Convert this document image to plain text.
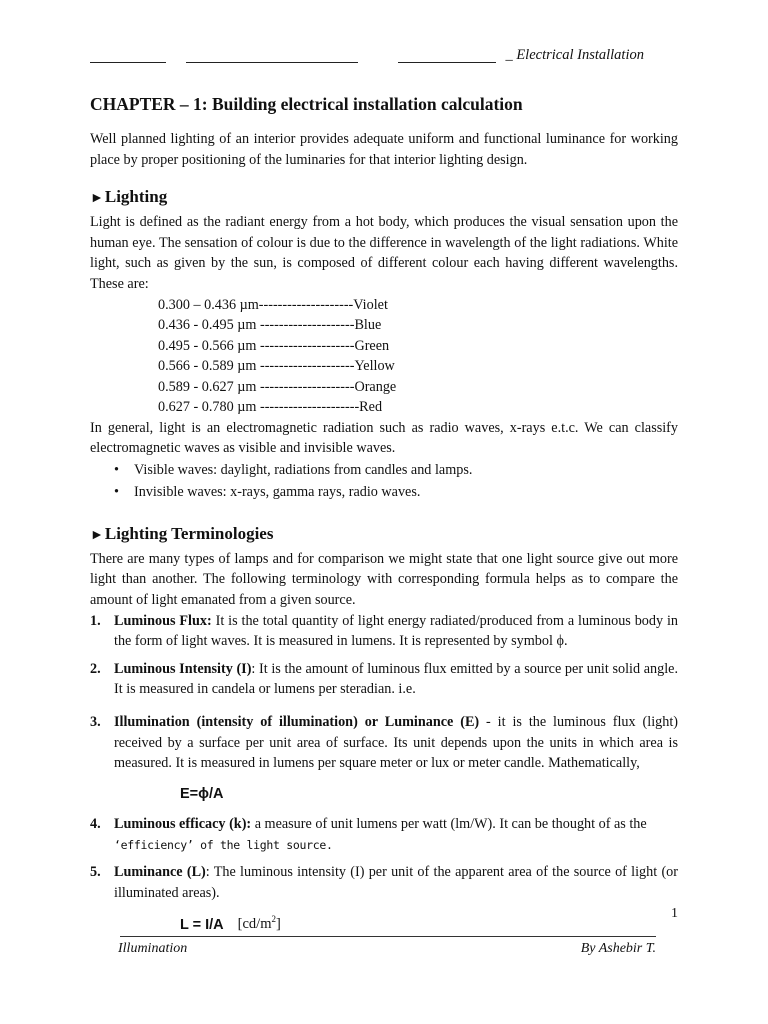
_ Electrical Installation
CHAPTER – 1: Building electrical installation calculation

Well planned lighting of an interior provides adequate uniform and functional luminance for working place by proper positioning of the luminaries for that interior lighting design.

►Lighting

Light is defined as the radiant energy from a hot body, which produces the visual sensation upon the human eye. The sensation of colour is due to the difference in wavelength of the light radiations. White light, such as given by the sun, is composed of different colour each having different wavelengths. These are:

0.300 – 0.436 µm--------------------Violet
0.436 - 0.495 µm --------------------Blue
0.495 - 0.566 µm --------------------Green
0.566 - 0.589 µm --------------------Yellow
0.589 - 0.627 µm --------------------Orange
0.627 - 0.780 µm ---------------------Red

In general, light is an electromagnetic radiation such as radio waves, x-rays e.t.c. We can classify electromagnetic waves as visible and invisible waves.

• Visible waves: daylight, radiations from candles and lamps.
• Invisible waves: x-rays, gamma rays, radio waves.
►Lighting Terminologies

There are many types of lamps and for comparison we might state that one light source give out more light than another. The following terminology with corresponding formula helps as to compare the amount of light emanated from a given source.

1. Luminous Flux: It is the total quantity of light energy radiated/produced from a luminous body in the form of light waves. It is measured in lumens. It is represented by symbol ϕ.
2. Luminous Intensity (I): It is the amount of luminous flux emitted by a source per unit solid angle. It is measured in candela or lumens per steradian. i.e.
3. Illumination (intensity of illumination) or Luminance (E) - it is the luminous flux (light) received by a surface per unit area of surface. Its unit depends upon the units in which area is measured. It is measured in lumens per square meter or lux or meter candle. Mathematically,
E=ϕ/A
4. Luminous efficacy (k): a measure of unit lumens per watt (lm/W). It can be thought of as the
‘efficiency’ of the light source.
5. Luminance (L): The luminous intensity (I) per unit of the apparent area of the source of light (or illuminated areas).
L = I/A $[cd/m^2]$
1
Illumination	By Ashebir T.
